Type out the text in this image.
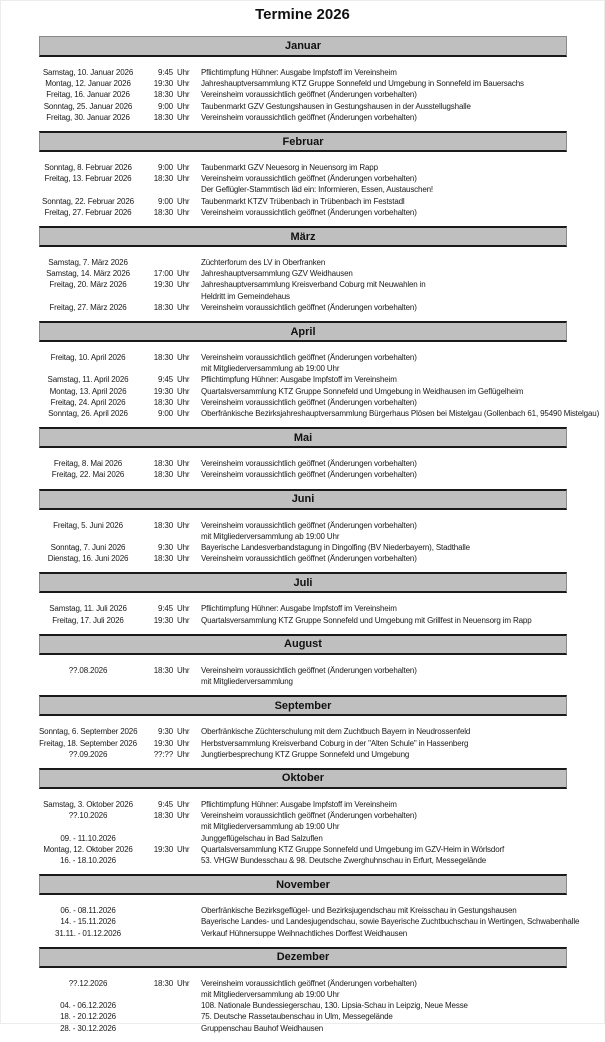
Termine 2026
Januar
Samstag, 10. Januar 2026	9:45 Uhr	Pflichtimpfung Hühner: Ausgabe Impfstoff im Vereinsheim
Montag, 12. Januar 2026	19:30 Uhr	Jahreshauptversammlung KTZ Gruppe Sonnefeld und Umgebung in Sonnefeld im Bauersachs
Freitag, 16. Januar 2026	18:30 Uhr	Vereinsheim voraussichtlich geöffnet (Änderungen vorbehalten)
Sonntag, 25. Januar 2026	9:00 Uhr	Taubenmarkt GZV Gestungshausen in Gestungshausen in der Ausstellugshalle
Freitag, 30. Januar 2026	18:30 Uhr	Vereinsheim voraussichtlich geöffnet (Änderungen vorbehalten)
Februar
Sonntag, 8. Februar 2026	9:00 Uhr	Taubenmarkt GZV Neuesorg in Neuensorg im Rapp
Freitag, 13. Februar 2026	18:30 Uhr	Vereinsheim voraussichtlich geöffnet (Änderungen vorbehalten)
Der Geflügler-Stammtisch läd ein: Informieren, Essen, Austauschen!
Sonntag, 22. Februar 2026	9:00 Uhr	Taubenmarkt KTZV Trübenbach in Trübenbach im Feststadl
Freitag, 27. Februar 2026	18:30 Uhr	Vereinsheim voraussichtlich geöffnet (Änderungen vorbehalten)
März
Samstag, 7. März 2026	Züchterforum des LV in Oberfranken
Samstag, 14. März 2026	17:00 Uhr	Jahreshauptversammlung GZV Weidhausen
Freitag, 20. März 2026	19:30 Uhr	Jahreshauptversammlung Kreisverband Coburg mit Neuwahlen in
Heldritt im Gemeindehaus
Freitag, 27. März 2026	18:30 Uhr	Vereinsheim voraussichtlich geöffnet (Änderungen vorbehalten)
April
Freitag, 10. April 2026	18:30 Uhr	Vereinsheim voraussichtlich geöffnet (Änderungen vorbehalten)
mit Mitgliederversammlung ab 19:00 Uhr
Samstag, 11. April 2026	9:45 Uhr	Pflichtimpfung Hühner: Ausgabe Impfstoff im Vereinsheim
Montag, 13. April 2026	19:30 Uhr	Quartalsversammlung KTZ Gruppe Sonnefeld und Umgebung in Weidhausen im Geflügelheim
Freitag, 24. April 2026	18:30 Uhr	Vereinsheim voraussichtlich geöffnet (Änderungen vorbehalten)
Sonntag, 26. April 2026	9:00 Uhr	Oberfränkische Bezirksjahreshauptversammlung Bürgerhaus Plösen bei Mistelgau (Gollenbach 61, 95490 Mistelgau)
Mai
Freitag, 8. Mai 2026	18:30 Uhr	Vereinsheim voraussichtlich geöffnet (Änderungen vorbehalten)
Freitag, 22. Mai 2026	18:30 Uhr	Vereinsheim voraussichtlich geöffnet (Änderungen vorbehalten)
Juni
Freitag, 5. Juni 2026	18:30 Uhr	Vereinsheim voraussichtlich geöffnet (Änderungen vorbehalten)
mit Mitgliederversammlung ab 19:00 Uhr
Sonntag, 7. Juni 2026	9:30 Uhr	Bayerische Landesverbandstagung in Dingolfing (BV Niederbayern), Stadthalle
Dienstag, 16. Juni 2026	18:30 Uhr	Vereinsheim voraussichtlich geöffnet (Änderungen vorbehalten)
Juli
Samstag, 11. Juli 2026	9:45 Uhr	Pflichtimpfung Hühner: Ausgabe Impfstoff im Vereinsheim
Freitag, 17. Juli 2026	19:30 Uhr	Quartalsversammlung KTZ Gruppe Sonnefeld und Umgebung mit Grillfest in Neuensorg im Rapp
August
??.08.2026	18:30 Uhr	Vereinsheim voraussichtlich geöffnet (Änderungen vorbehalten)
mit Mitgliederversammlung
September
Sonntag, 6. September 2026	9:30 Uhr	Oberfränkische Züchterschulung mit dem Zuchtbuch Bayern in Neudrossenfeld
Freitag, 18. September 2026	19:30 Uhr	Herbstversammlung Kreisverband Coburg in der "Alten Schule" in Hassenberg
??.09.2026	??:?? Uhr	Jungtierbesprechung KTZ Gruppe Sonnefeld und Umgebung
Oktober
Samstag, 3. Oktober 2026	9:45 Uhr	Pflichtimpfung Hühner: Ausgabe Impfstoff im Vereinsheim
??.10.2026	18:30 Uhr	Vereinsheim voraussichtlich geöffnet (Änderungen vorbehalten)
mit Mitgliederversammlung ab 19:00 Uhr
09. - 11.10.2026	Junggeflügelschau in Bad Salzuflen
Montag, 12. Oktober 2026	19:30 Uhr	Quartalsversammlung KTZ Gruppe Sonnefeld und Umgebung im GZV-Heim in Wörlsdorf
16. - 18.10.2026	53. VHGW Bundesschau & 98. Deutsche Zwerghuhnschau in Erfurt, Messegelände
November
06. - 08.11.2026	Oberfränkische Bezirksgeflügel- und Bezirksjugendschau mit Kreisschau in Gestungshausen
14. - 15.11.2026	Bayerische Landes- und Landesjugendschau, sowie Bayerische Zuchtbuchschau in Wertingen, Schwabenhalle
31.11. - 01.12.2026	Verkauf Hühnersuppe Weihnachtliches Dorffest Weidhausen
Dezember
??.12.2026	18:30 Uhr	Vereinsheim voraussichtlich geöffnet (Änderungen vorbehalten)
mit Mitgliederversammlung ab 19:00 Uhr
04. - 06.12.2026	108. Nationale Bundessiegerschau, 130. Lipsia-Schau in Leipzig, Neue Messe
18. - 20.12.2026	75. Deutsche Rassetaubenschau in Ulm, Messegelände
28. - 30.12.2026	Gruppenschau Bauhof Weidhausen
